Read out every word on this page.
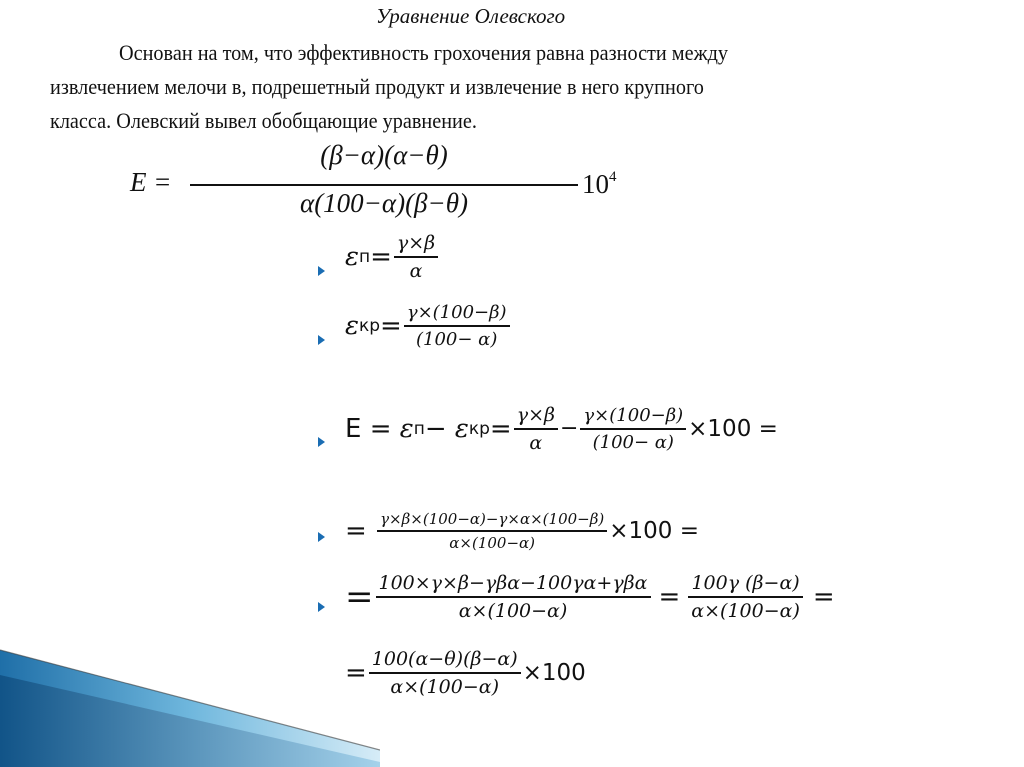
Уравнение Олевского
Основан на том, что эффективность грохочения равна разности между
извлечением мелочи в, подрешетный продукт и извлечение в него крупного
класса. Олевский вывел обобщающие уравнение.
E =
(β−α)(α−θ)
α(100−α)(β−θ)
$10^4$
ε $п = \frac{\gamma\times\beta}{\alpha}$
ε кр = $\frac{\gamma\times(100-\beta)}{(100- \alpha)}$
E = ε п − ε кр = $\frac{\gamma\times\beta}{\alpha} - \frac{\gamma\times(100-\beta)}{(100- \alpha)} \times 100$ =
= $\frac{\gamma\times\beta\times(100-\alpha)-\gamma\times\alpha\times(100-\beta)}{\alpha\times(100-\alpha)} \times 100$ =
= $\frac{\text{100×γ×β−γβα−100γα+γβα}}{\alpha\times(100-\alpha)} = \frac{100\gamma (\beta-\alpha)}{\alpha\times(100-\alpha)}$ =
= $\frac{100(\alpha-\theta)(\beta-\alpha)}{\alpha\times(100-\alpha)} \times 100$
